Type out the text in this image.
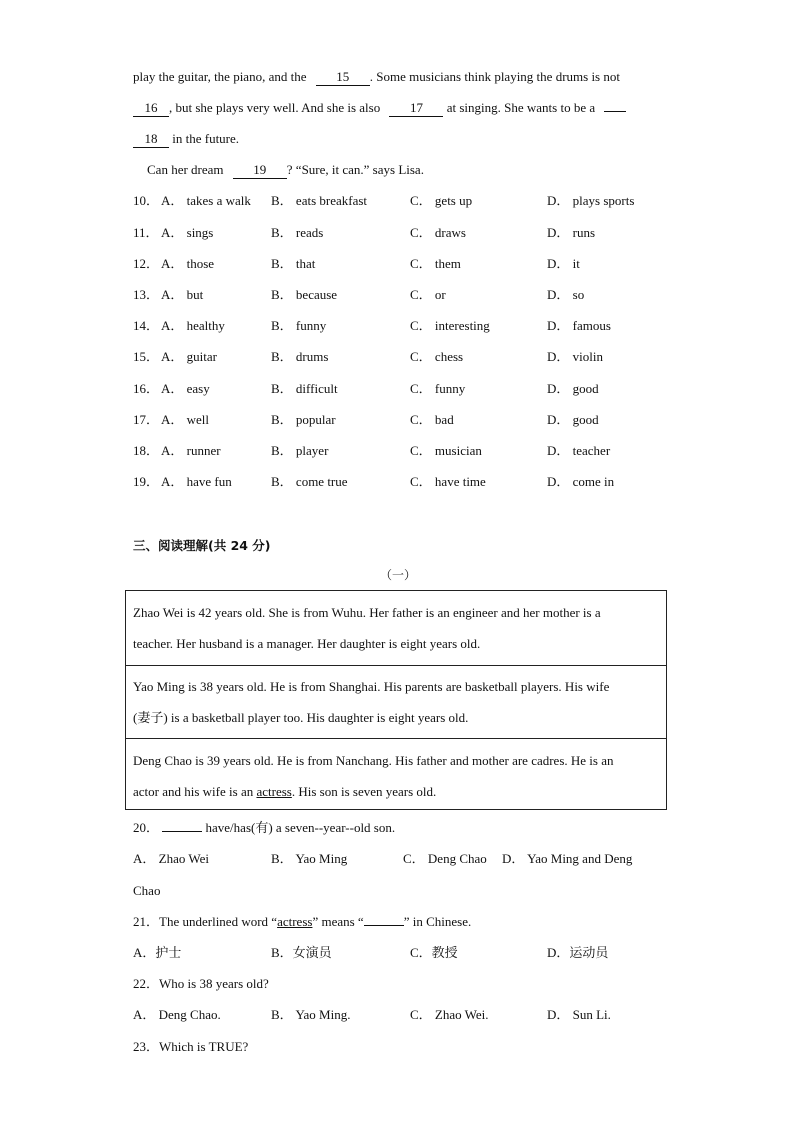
play the guitar, the piano, and the 15 . Some musicians think playing the drums is not
16 , but she plays very well. And she is also 17 at singing. She wants to be a
18 in the future.
Can her dream 19 ? “Sure, it can.” says Lisa.
10． A． takes a walk B． eats breakfast	C． gets up	D． plays sports
11． A． sings	B． reads	C． draws	D． runs
12． A． those	B． that	C． them	D． it
13． A． but	B． because	C． or	D． so
14． A． healthy	B． funny	C． interesting	D． famous
15． A． guitar	B． drums	C． chess	D． violin
16． A． easy	B． difficult	C． funny	D． good
17． A． well	B． popular	C． bad	D． good
18． A． runner	B． player	C． musician	D． teacher
19． A． have fun	B． come true	C． have time	D． come in
三、阅读理解(共 24 分)
（一）
Zhao Wei is 42 years old. She is from Wuhu. Her father is an engineer and her mother is a
teacher. Her husband is a manager. Her daughter is eight years old.
Yao Ming is 38 years old. He is from Shanghai. His parents are basketball players. His wife
(妻子) is a basketball player too. His daughter is eight years old.
Deng Chao is 39 years old. He is from Nanchang. His father and mother are cadres. He is an
actor and his wife is an actress. His son is seven years old.
20．	have/has(有) a seven--year--old son.
A． Zhao Wei	B． Yao Ming	C． Deng Chao D． Yao Ming and Deng
Chao
21．The underlined word “actress” means “	” in Chinese.
A．护士	B．女演员	C．教授	D．运动员
22．Who is 38 years old?
A． Deng Chao.	B． Yao Ming.	C． Zhao Wei.	D． Sun Li.
23．Which is TRUE?
